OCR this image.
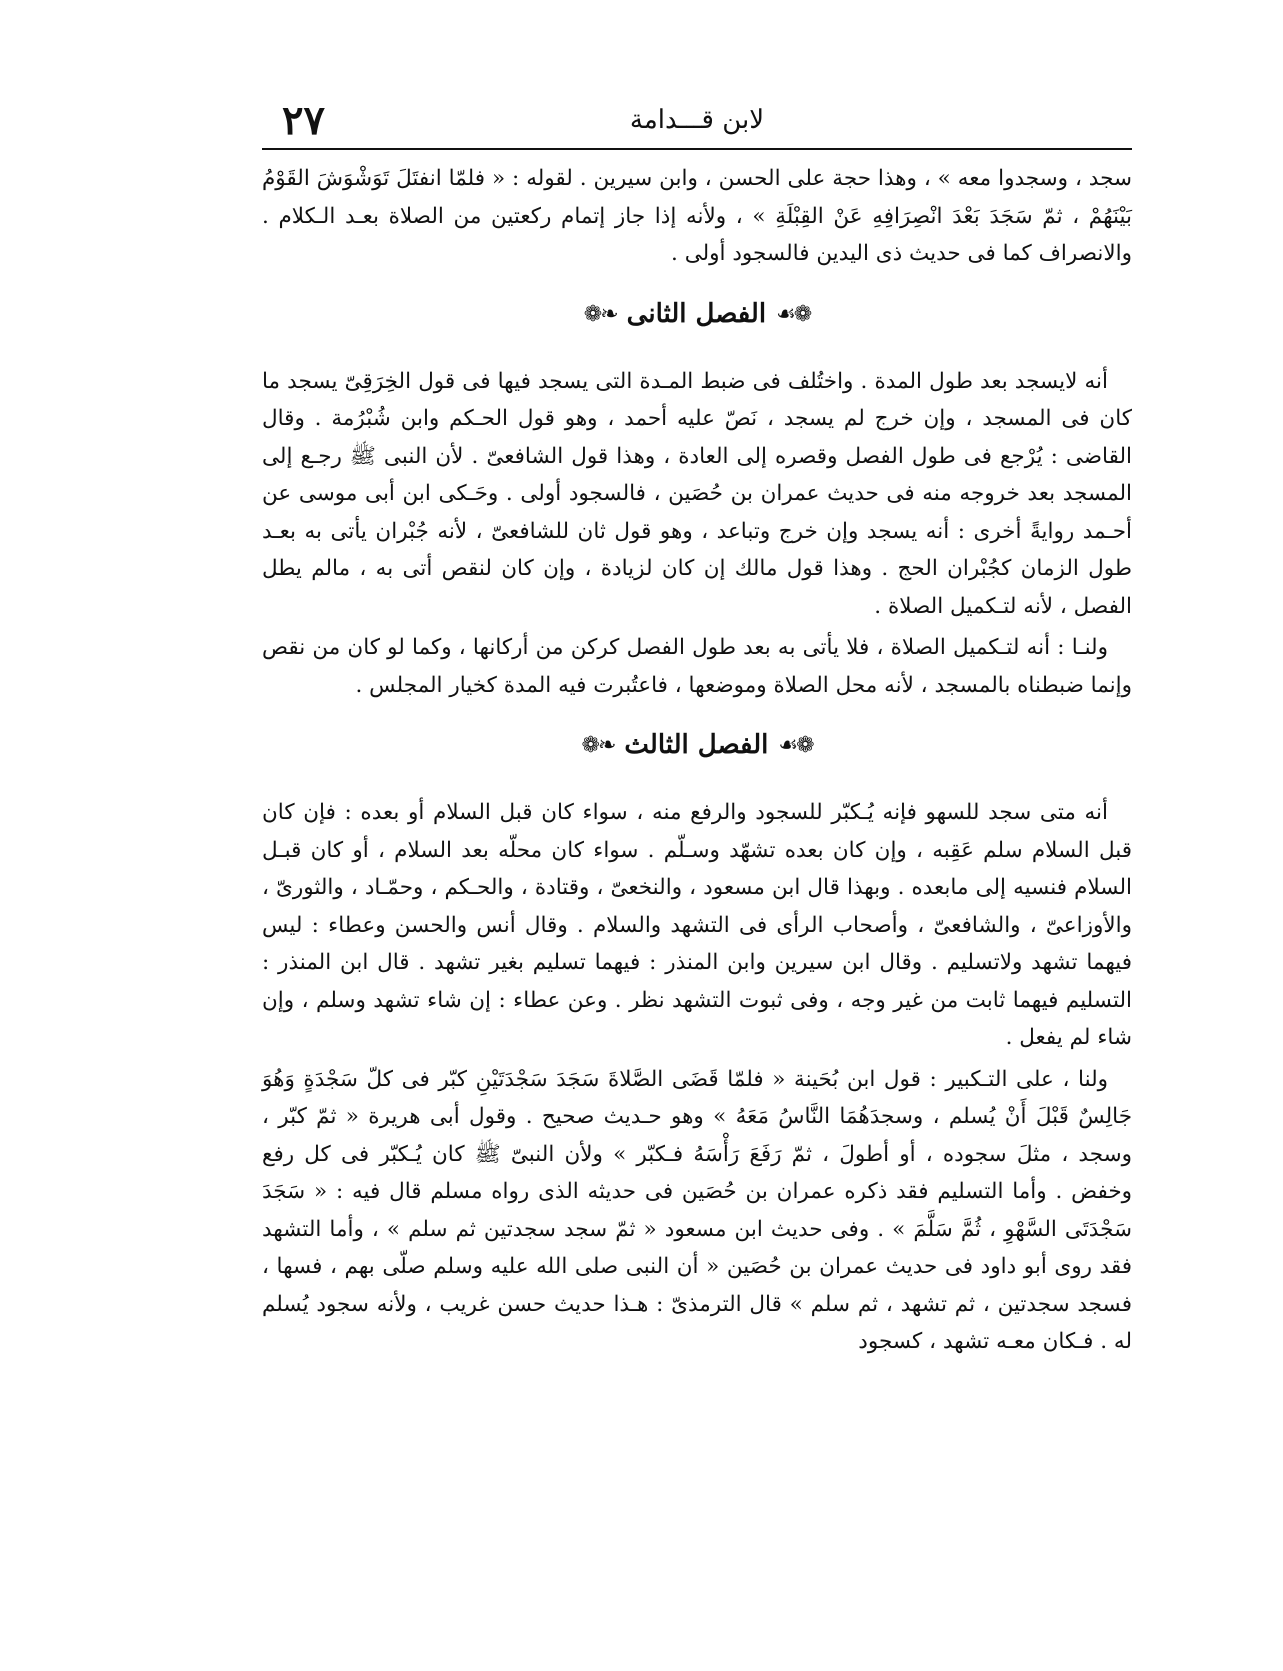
٢٧	لابن قـــدامة

سجد ، وسجدوا معه » ، وهذا حجة على الحسن ، وابن سيرين . لقوله : « فلمّا انفتَلَ تَوَشْوَشَ القَوْمُ بَيْنَهُمْ ، ثمّ سَجَدَ بَعْدَ انْصِرَافِهِ عَنْ القِبْلَةِ » ، ولأنه إذا جاز إتمام ركعتين من الصلاة بعـد الـكلام . والانصراف كما فى حديث ذى اليدين فالسجود أولى .

❁☙
الفصل الثانى
❧❁

أنه لايسجد بعد طول المدة . واختُلف فى ضبط المـدة التى يسجد فيها فى قول الخِرَقِىّ يسجد ما كان فى المسجد ، وإن خرج لم يسجد ، نَصّ عليه أحمد ، وهو قول الحـكم وابن شُبْرُمة . وقال القاضى : يُرْجع فى طول الفصل وقصره إلى العادة ، وهذا قول الشافعىّ . لأن النبى ﷺ رجـع إلى المسجد بعد خروجه منه فى حديث عمران بن حُصَين ، فالسجود أولى . وحَـكى ابن أبى موسى عن أحـمد روايةً أخرى : أنه يسجد وإن خرج وتباعد ، وهو قول ثان للشافعىّ ، لأنه جُبْران يأتى به بعـد طول الزمان كجُبْران الحج . وهذا قول مالك إن كان لزيادة ، وإن كان لنقص أتى به ، مالم يطل الفصل ، لأنه لتـكميل الصلاة .

ولنـا : أنه لتـكميل الصلاة ، فلا يأتى به بعد طول الفصل كركن من أركانها ، وكما لو كان من نقص وإنما ضبطناه بالمسجد ، لأنه محل الصلاة وموضعها ، فاعتُبرت فيه المدة كخيار المجلس .

❁☙
الفصل الثالث
❧❁

أنه متى سجد للسهو فإنه يُـكبّر للسجود والرفع منه ، سواء كان قبل السلام أو بعده : فإن كان قبل السلام سلم عَقِبه ، وإن كان بعده تشهّد وسـلّم . سواء كان محلّه بعد السلام ، أو كان قبـل السلام فنسيه إلى مابعده . وبهذا قال ابن مسعود ، والنخعىّ ، وقتادة ، والحـكم ، وحمّـاد ، والثورىّ ، والأوزاعىّ ، والشافعىّ ، وأصحاب الرأى فى التشهد والسلام . وقال أنس والحسن وعطاء : ليس فيهما تشهد ولاتسليم . وقال ابن سيرين وابن المنذر : فيهما تسليم بغير تشهد . قال ابن المنذر : التسليم فيهما ثابت من غير وجه ، وفى ثبوت التشهد نظر . وعن عطاء : إن شاء تشهد وسلم ، وإن شاء لم يفعل .

ولنا ، على التـكبير : قول ابن بُحَينة « فلمّا قَضَى الصَّلاةَ سَجَدَ سَجْدَتَيْنِ كبّر فى كلّ سَجْدَةٍ وَهُوَ جَالِسٌ قَبْلَ أَنْ يُسلم ، وسجدَهُمَا النَّاسُ مَعَهُ » وهو حـديث صحيح . وقول أبى هريرة « ثمّ كبّر ، وسجد ، مثلَ سجوده ، أو أطولَ ، ثمّ رَفَعَ رَأْسَهُ فـكبّر » ولأن النبىّ ﷺ كان يُـكبّر فى كل رفع وخفض . وأما التسليم فقد ذكره عمران بن حُصَين فى حديثه الذى رواه مسلم قال فيه : « سَجَدَ سَجْدَتَى السَّهْوِ ، ثُمَّ سَلَّمَ » . وفى حديث ابن مسعود « ثمّ سجد سجدتين ثم سلم » ، وأما التشهد فقد روى أبو داود فى حديث عمران بن حُصَين « أن النبى صلى الله عليه وسلم صلّى بهم ، فسها ، فسجد سجدتين ، ثم تشهد ، ثم سلم » قال الترمذىّ : هـذا حديث حسن غريب ، ولأنه سجود يُسلم له . فـكان معـه تشهد ، كسجود
